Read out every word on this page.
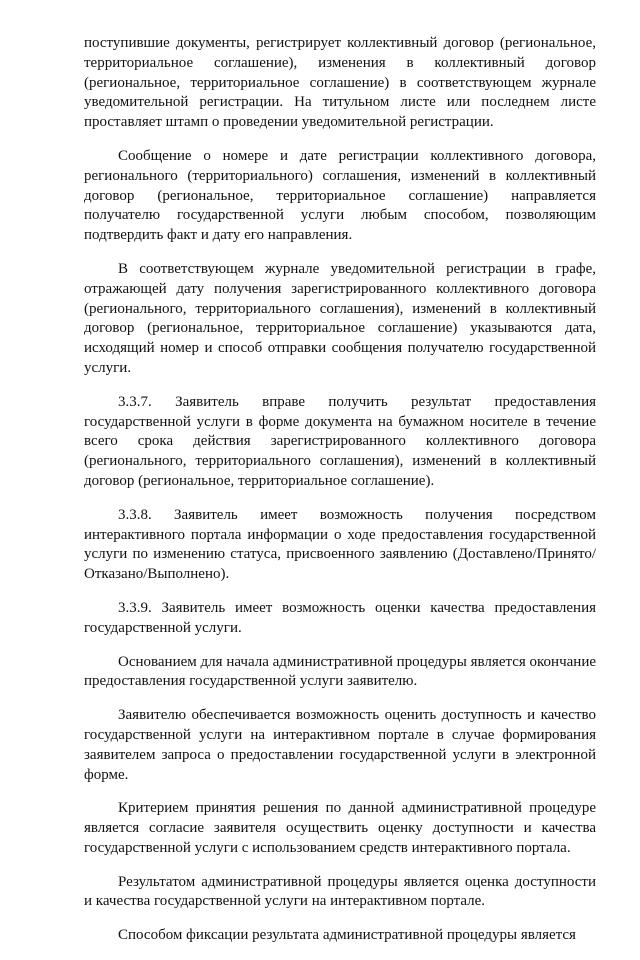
поступившие документы, регистрирует коллективный договор (региональное, территориальное соглашение), изменения в коллективный договор (региональное, территориальное соглашение) в соответствующем журнале уведомительной регистрации. На титульном листе или последнем листе проставляет штамп о проведении уведомительной регистрации.

Сообщение о номере и дате регистрации коллективного договора, регионального (территориального) соглашения, изменений в коллективный договор (региональное, территориальное соглашение) направляется получателю государственной услуги любым способом, позволяющим подтвердить факт и дату его направления.

В соответствующем журнале уведомительной регистрации в графе, отражающей дату получения зарегистрированного коллективного договора (регионального, территориального соглашения), изменений в коллективный договор (региональное, территориальное соглашение) указываются дата, исходящий номер и способ отправки сообщения получателю государственной услуги.

3.3.7. Заявитель вправе получить результат предоставления государственной услуги в форме документа на бумажном носителе в течение всего срока действия зарегистрированного коллективного договора (регионального, территориального соглашения), изменений в коллективный договор (региональное, территориальное соглашение).

3.3.8. Заявитель имеет возможность получения посредством интерактивного портала информации о ходе предоставления государственной услуги по изменению статуса, присвоенного заявлению (Доставлено/Принято/Отказано/Выполнено).

3.3.9. Заявитель имеет возможность оценки качества предоставления государственной услуги.

Основанием для начала административной процедуры является окончание предоставления государственной услуги заявителю.

Заявителю обеспечивается возможность оценить доступность и качество государственной услуги на интерактивном портале в случае формирования заявителем запроса о предоставлении государственной услуги в электронной форме.

Критерием принятия решения по данной административной процедуре является согласие заявителя осуществить оценку доступности и качества государственной услуги с использованием средств интерактивного портала.

Результатом административной процедуры является оценка доступности и качества государственной услуги на интерактивном портале.

Способом фиксации результата административной процедуры является
